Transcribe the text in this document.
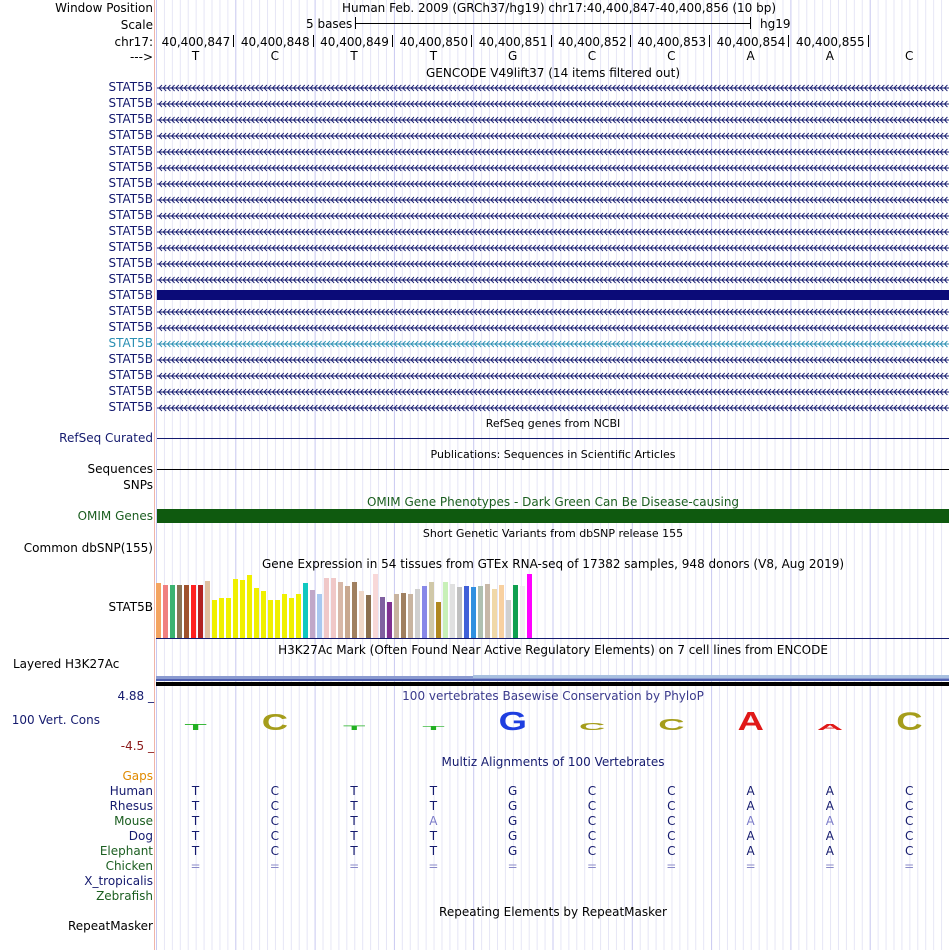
Window Position	Human Feb. 2009 (GRCh37/hg19) chr17:40,400,847-40,400,856 (10 bp)
Scale	5 bases	hg19
chr17:
--->
GENCODE V49lift37 (14 items filtered out)
STAT5B
STAT5B
STAT5B
STAT5B
STAT5B
STAT5B
STAT5B
STAT5B
STAT5B
STAT5B
STAT5B
STAT5B
STAT5B
STAT5B
STAT5B
STAT5B
STAT5B
STAT5B
STAT5B
STAT5B
STAT5B
RefSeq genes from NCBI
RefSeq Curated
Publications: Sequences in Scientific Articles
Sequences
SNPs
OMIM Gene Phenotypes - Dark Green Can Be Disease-causing
OMIM Genes
Short Genetic Variants from dbSNP release 155
Common dbSNP(155)
Gene Expression in 54 tissues from GTEx RNA-seq of 17382 samples, 948 donors (V8, Aug 2019)
STAT5B
H3K27Ac Mark (Often Found Near Active Regulatory Elements) on 7 cell lines from ENCODE
Layered H3K27Ac
100 vertebrates Basewise Conservation by PhyloP
4.88 _
100 Vert. Cons
-4.5 _
T C T T G C C A A C
Multiz Alignments of 100 Vertebrates
Gaps
Human	T	C	T	T	G	C	C	A	A	C
Rhesus	T	C	T	T	G	C	C	A	A	C
Mouse	T	C	T	A	G	C	C	A	A	C
Dog	T	C	T	T	G	C	C	A	A	C
Elephant	T	C	T	T	G	C	C	A	A	C
Chicken	=	=	=	=	=	=	=	=	=	=
X_tropicalis
Zebrafish
Repeating Elements by RepeatMasker
RepeatMasker
40,400,847 40,400,848 40,400,849 40,400,850 40,400,851 40,400,852 40,400,853 40,400,854 40,400,855
T	C	T	T	G	C	C	A	A	C
